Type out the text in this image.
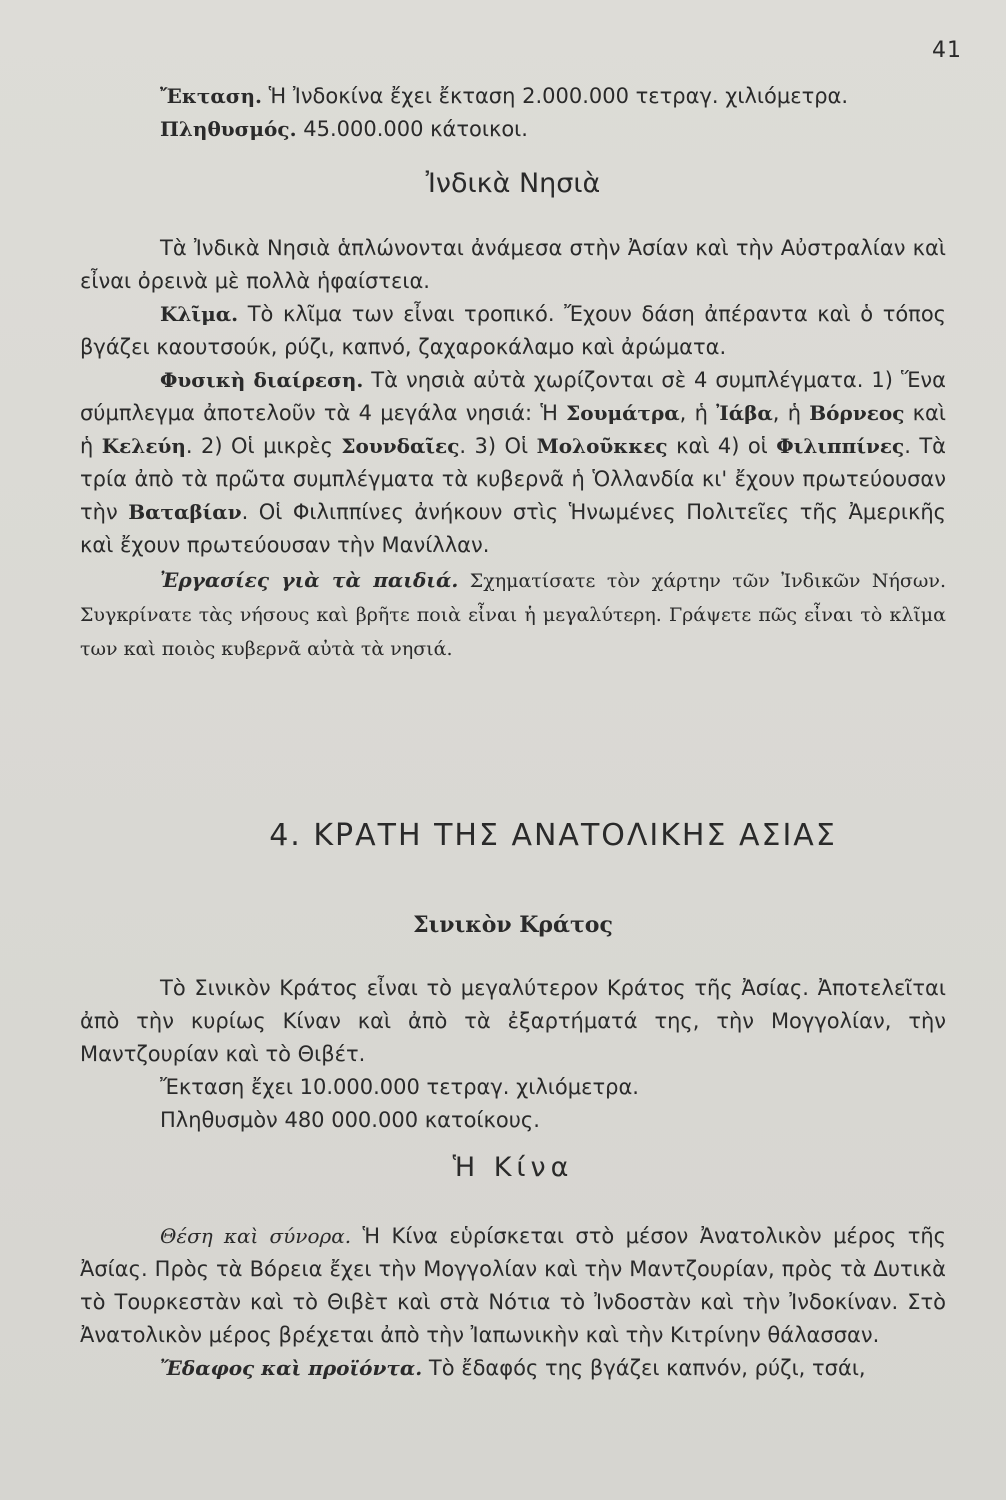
41

Ἔκταση. Ἡ Ἰνδοκίνα ἔχει ἔκταση 2.000.000 τετραγ. χιλιόμετρα.

Πληθυσμός. 45.000.000 κάτοικοι.

Ἰνδικὰ Νησιὰ

Τὰ Ἰνδικὰ Νησιὰ ἁπλώνονται ἀνάμεσα στὴν Ἀσίαν καὶ τὴν Αὐστραλίαν καὶ εἶναι ὀρεινὰ μὲ πολλὰ ἡφαίστεια.

Κλῖμα. Τὸ κλῖμα των εἶναι τροπικό. Ἔχουν δάση ἀπέραντα καὶ ὁ τόπος βγάζει καουτσούκ, ρύζι, καπνό, ζαχαροκάλαμο καὶ ἀρώματα.

Φυσικὴ διαίρεση. Τὰ νησιὰ αὐτὰ χωρίζονται σὲ 4 συμπλέγματα. 1) Ἕνα σύμπλεγμα ἀποτελοῦν τὰ 4 μεγάλα νησιά: Ἡ Σουμάτρα, ἡ Ἰάβα, ἡ Βόρνεος καὶ ἡ Κελεύη. 2) Οἱ μικρὲς Σουνδαῖες. 3) Οἱ Μολοῦκκες καὶ 4) οἱ Φιλιππίνες. Τὰ τρία ἀπὸ τὰ πρῶτα συμπλέγματα τὰ κυβερνᾶ ἡ Ὁλλανδία κι' ἔχουν πρωτεύουσαν τὴν Βαταβίαν. Οἱ Φιλιππίνες ἀνήκουν στὶς Ἡνωμένες Πολιτεῖες τῆς Ἀμερικῆς καὶ ἔχουν πρωτεύουσαν τὴν Μανίλλαν.

Ἐργασίες γιὰ τὰ παιδιά. Σχηματίσατε τὸν χάρτην τῶν Ἰνδικῶν Νήσων. Συγκρίνατε τὰς νήσους καὶ βρῆτε ποιὰ εἶναι ἡ μεγαλύτερη. Γράψετε πῶς εἶναι τὸ κλῖμα των καὶ ποιὸς κυβερνᾶ αὐτὰ τὰ νησιά.

4. ΚΡΑΤΗ ΤΗΣ ΑΝΑΤΟΛΙΚΗΣ ΑΣΙΑΣ
Σινικὸν Κράτος

Τὸ Σινικὸν Κράτος εἶναι τὸ μεγαλύτερον Κράτος τῆς Ἀσίας. Ἀποτελεῖται ἀπὸ τὴν κυρίως Κίναν καὶ ἀπὸ τὰ ἐξαρτήματά της, τὴν Μογγολίαν, τὴν Μαντζουρίαν καὶ τὸ Θιβέτ.

Ἔκταση ἔχει 10.000.000 τετραγ. χιλιόμετρα.

Πληθυσμὸν 480 000.000 κατοίκους.

Ἡ Κίνα

Θέση καὶ σύνορα. Ἡ Κίνα εὑρίσκεται στὸ μέσον Ἀνατολικὸν μέρος τῆς Ἀσίας. Πρὸς τὰ Βόρεια ἔχει τὴν Μογγολίαν καὶ τὴν Μαντζουρίαν, πρὸς τὰ Δυτικὰ τὸ Τουρκεστὰν καὶ τὸ Θιβὲτ καὶ στὰ Νότια τὸ Ἰνδοστὰν καὶ τὴν Ἰνδοκίναν. Στὸ Ἀνατολικὸν μέρος βρέχεται ἀπὸ τὴν Ἰαπωνικὴν καὶ τὴν Κιτρίνην θάλασσαν.

Ἔδαφος καὶ προϊόντα. Τὸ ἔδαφός της βγάζει καπνόν, ρύζι, τσάι,
